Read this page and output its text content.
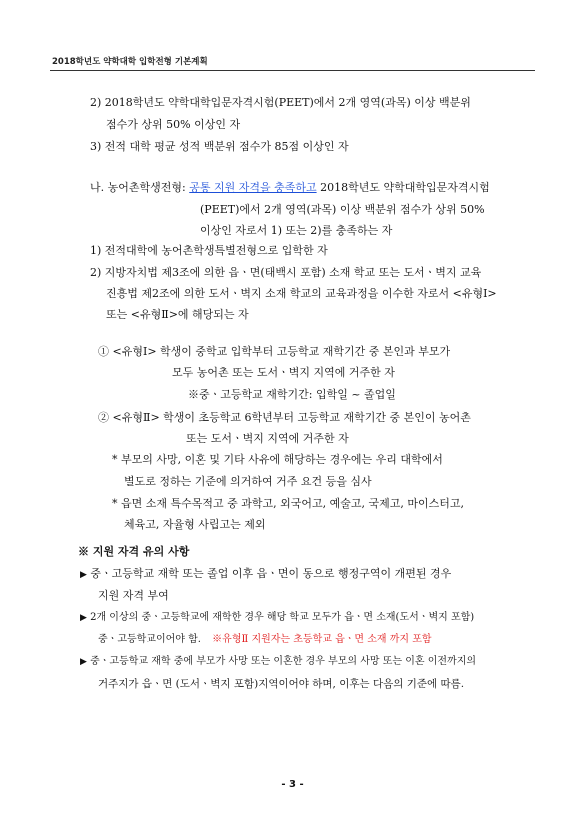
2018학년도 약학대학 입학전형 기본계획
2) 2018학년도 약학대학입문자격시험(PEET)에서 2개 영역(과목) 이상 백분위
점수가 상위 50% 이상인 자
3) 전적 대학 평균 성적 백분위 점수가 85점 이상인 자
나. 농어촌학생전형: 공통 지원 자격을 충족하고 2018학년도 약학대학입문자격시험
(PEET)에서 2개 영역(과목) 이상 백분위 점수가 상위 50%
이상인 자로서 1) 또는 2)를 충족하는 자
1) 전적대학에 농어촌학생특별전형으로 입학한 자
2) 지방자치법 제3조에 의한 읍ㆍ면(태백시 포함) 소재 학교 또는 도서ㆍ벽지 교육
진흥법 제2조에 의한 도서ㆍ벽지 소재 학교의 교육과정을 이수한 자로서 <유형Ⅰ>
또는 <유형Ⅱ>에 해당되는 자
① <유형Ⅰ> 학생이 중학교 입학부터 고등학교 재학기간 중 본인과 부모가
모두 농어촌 또는 도서ㆍ벽지 지역에 거주한 자
※중ㆍ고등학교 재학기간: 입학일 ~ 졸업일
② <유형Ⅱ> 학생이 초등학교 6학년부터 고등학교 재학기간 중 본인이 농어촌
또는 도서ㆍ벽지 지역에 거주한 자
* 부모의 사망, 이혼 및 기타 사유에 해당하는 경우에는 우리 대학에서
별도로 정하는 기준에 의거하여 거주 요건 등을 심사
* 읍면 소재 특수목적고 중 과학고, 외국어고, 예술고, 국제고, 마이스터고,
체육고, 자율형 사립고는 제외
※ 지원 자격 유의 사항
▶ 중ㆍ고등학교 재학 또는 졸업 이후 읍ㆍ면이 동으로 행정구역이 개편된 경우
지원 자격 부여
▶ 2개 이상의 중ㆍ고등학교에 재학한 경우 해당 학교 모두가 읍ㆍ면 소재(도서ㆍ벽지 포함)
중ㆍ고등학교이어야 함. ※유형Ⅱ 지원자는 초등학교 읍ㆍ면 소재 까지 포함
▶ 중ㆍ고등학교 재학 중에 부모가 사망 또는 이혼한 경우 부모의 사망 또는 이혼 이전까지의
거주지가 읍ㆍ면 (도서ㆍ벽지 포함)지역이어야 하며, 이후는 다음의 기준에 따름.
- 3 -
